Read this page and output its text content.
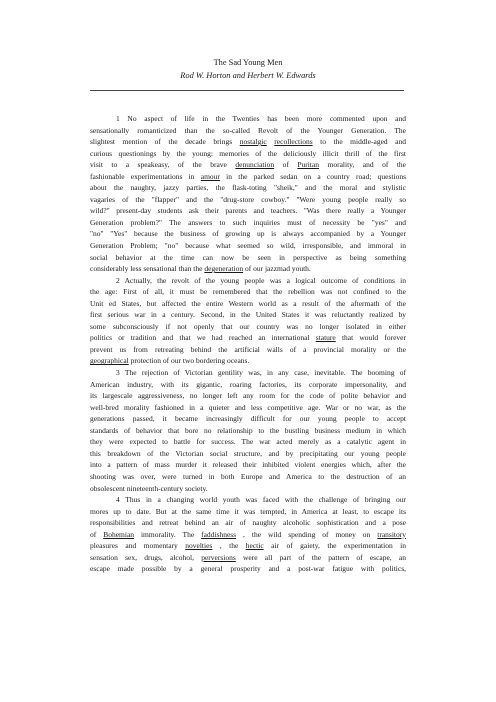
The Sad Young Men
Rod W. Horton and Herbert W. Edwards
1 No aspect of life in the Twenties has been more commented upon and
sensationally romanticized than the so-called Revolt of the Younger Generation. The
slightest mention of the decade brings nostalgic recollections to the middle-aged and
curious questionings by the young: memories of the deliciously illicit thrill of the first
visit to a speakeasy, of the brave denunciation of Puritan morality, and of the
fashionable experimentations in amour in the parked sedan on a country road; questions
about the naughty, jazzy parties, the flask-toting "sheik," and the moral and stylistic
vagaries of the "flapper" and the "drug-store cowboy." "Were young people really so
wild?" present-day students ask their parents and teachers. "Was there really a Younger
Generation problem?" The answers to such inquiries must of necessity be "yes" and
"no" "Yes" because the business of growing up is always accompanied by a Younger
Generation Problem; "no" because what seemed so wild, irresponsible, and immoral in
social behavior at the time can now be seen in perspective as being something
considerably less sensational than the degeneration of our jazzmad youth.
2 Actually, the revolt of the young people was a logical outcome of conditions in
the age: First of all, it must be remembered that the rebellion was not confined to the
Unit ed States, but affected the entire Western world as a result of the aftermath of the
first serious war in a century. Second, in the United States it was reluctantly realized by
some subconsciously if not openly that our country was no longer isolated in either
politics or tradition and that we had reached an international stature that would forever
prevent us from retreating behind the artificial walls of a provincial morality or the
geographical protection of our two bordering oceans.
3 The rejection of Victorian gentility was, in any case, inevitable. The booming of
American industry, with its gigantic, roaring factories, its corporate impersonality, and
its largescale aggressiveness, no longer left any room for the code of polite behavior and
well-bred morality fashioned in a quieter and less competitive age. War or no war, as the
generations passed, it became increasingly difficult for our young people to accept
standards of behavior that bore no relationship to the bustling business medium in which
they were expected to battle for success. The war acted merely as a catalytic agent in
this breakdown of the Victorian social structure, and by precipitating our young people
into a pattern of mass murder it released their inhibited violent energies which, after the
shooting was over, were turned in both Europe and America to the destruction of an
obsolescent nineteenth-century society.
4 Thus in a changing world youth was faced with the challenge of bringing our
mores up to date. But at the same time it was tempted, in America at least, to escape its
responsibilities and retreat behind an air of naughty alcoholic sophistication and a pose
of Bohemian immorality. The faddishness , the wild spending of money on transitory
pleasures and momentary novelties , the hectic air of gaiety, the experimentation in
sensation sex, drugs, alcohol, perversions were all part of the pattern of escape, an
escape made possible by a general prosperity and a post-war fatigue with politics,
